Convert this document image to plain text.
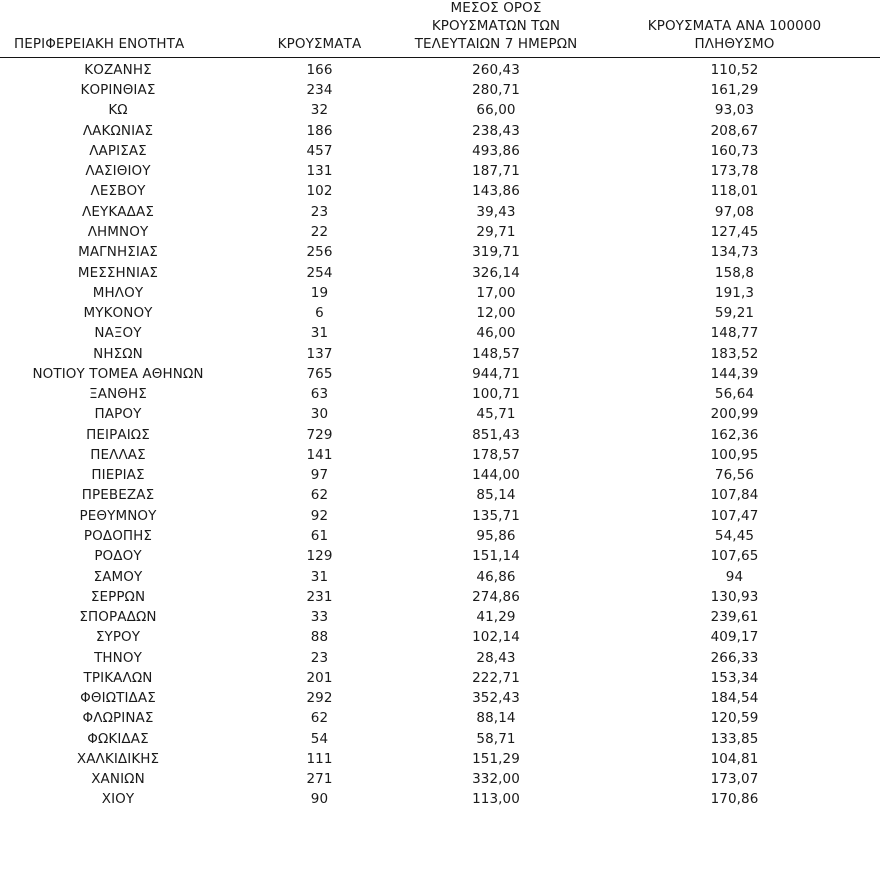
ΠΕΡΙΦΕΡΕΙΑΚΗ ΕΝΟΤΗΤΑ	ΚΡΟΥΣΜΑΤΑ	ΜΕΣΟΣ ΟΡΟΣ
ΚΡΟΥΣΜΑΤΩΝ ΤΩΝ
ΤΕΛΕΥΤΑΙΩΝ 7 ΗΜΕΡΩΝ	ΚΡΟΥΣΜΑΤΑ ΑΝΑ 100000
ΠΛΗΘΥΣΜΟ

ΚΟΖΑΝΗΣ	166	260,43	110,52
ΚΟΡΙΝΘΙΑΣ	234	280,71	161,29
ΚΩ	32	66,00	93,03
ΛΑΚΩΝΙΑΣ	186	238,43	208,67
ΛΑΡΙΣΑΣ	457	493,86	160,73
ΛΑΣΙΘΙΟΥ	131	187,71	173,78
ΛΕΣΒΟΥ	102	143,86	118,01
ΛΕΥΚΑΔΑΣ	23	39,43	97,08
ΛΗΜΝΟΥ	22	29,71	127,45
ΜΑΓΝΗΣΙΑΣ	256	319,71	134,73
ΜΕΣΣΗΝΙΑΣ	254	326,14	158,8
ΜΗΛΟΥ	19	17,00	191,3
ΜΥΚΟΝΟΥ	6	12,00	59,21
ΝΑΞΟΥ	31	46,00	148,77
ΝΗΣΩΝ	137	148,57	183,52
ΝΟΤΙΟΥ ΤΟΜΕΑ ΑΘΗΝΩΝ	765	944,71	144,39
ΞΑΝΘΗΣ	63	100,71	56,64
ΠΑΡΟΥ	30	45,71	200,99
ΠΕΙΡΑΙΩΣ	729	851,43	162,36
ΠΕΛΛΑΣ	141	178,57	100,95
ΠΙΕΡΙΑΣ	97	144,00	76,56
ΠΡΕΒΕΖΑΣ	62	85,14	107,84
ΡΕΘΥΜΝΟΥ	92	135,71	107,47
ΡΟΔΟΠΗΣ	61	95,86	54,45
ΡΟΔΟΥ	129	151,14	107,65
ΣΑΜΟΥ	31	46,86	94
ΣΕΡΡΩΝ	231	274,86	130,93
ΣΠΟΡΑΔΩΝ	33	41,29	239,61
ΣΥΡΟΥ	88	102,14	409,17
ΤΗΝΟΥ	23	28,43	266,33
ΤΡΙΚΑΛΩΝ	201	222,71	153,34
ΦΘΙΩΤΙΔΑΣ	292	352,43	184,54
ΦΛΩΡΙΝΑΣ	62	88,14	120,59
ΦΩΚΙΔΑΣ	54	58,71	133,85
ΧΑΛΚΙΔΙΚΗΣ	111	151,29	104,81
ΧΑΝΙΩΝ	271	332,00	173,07
ΧΙΟΥ	90	113,00	170,86
